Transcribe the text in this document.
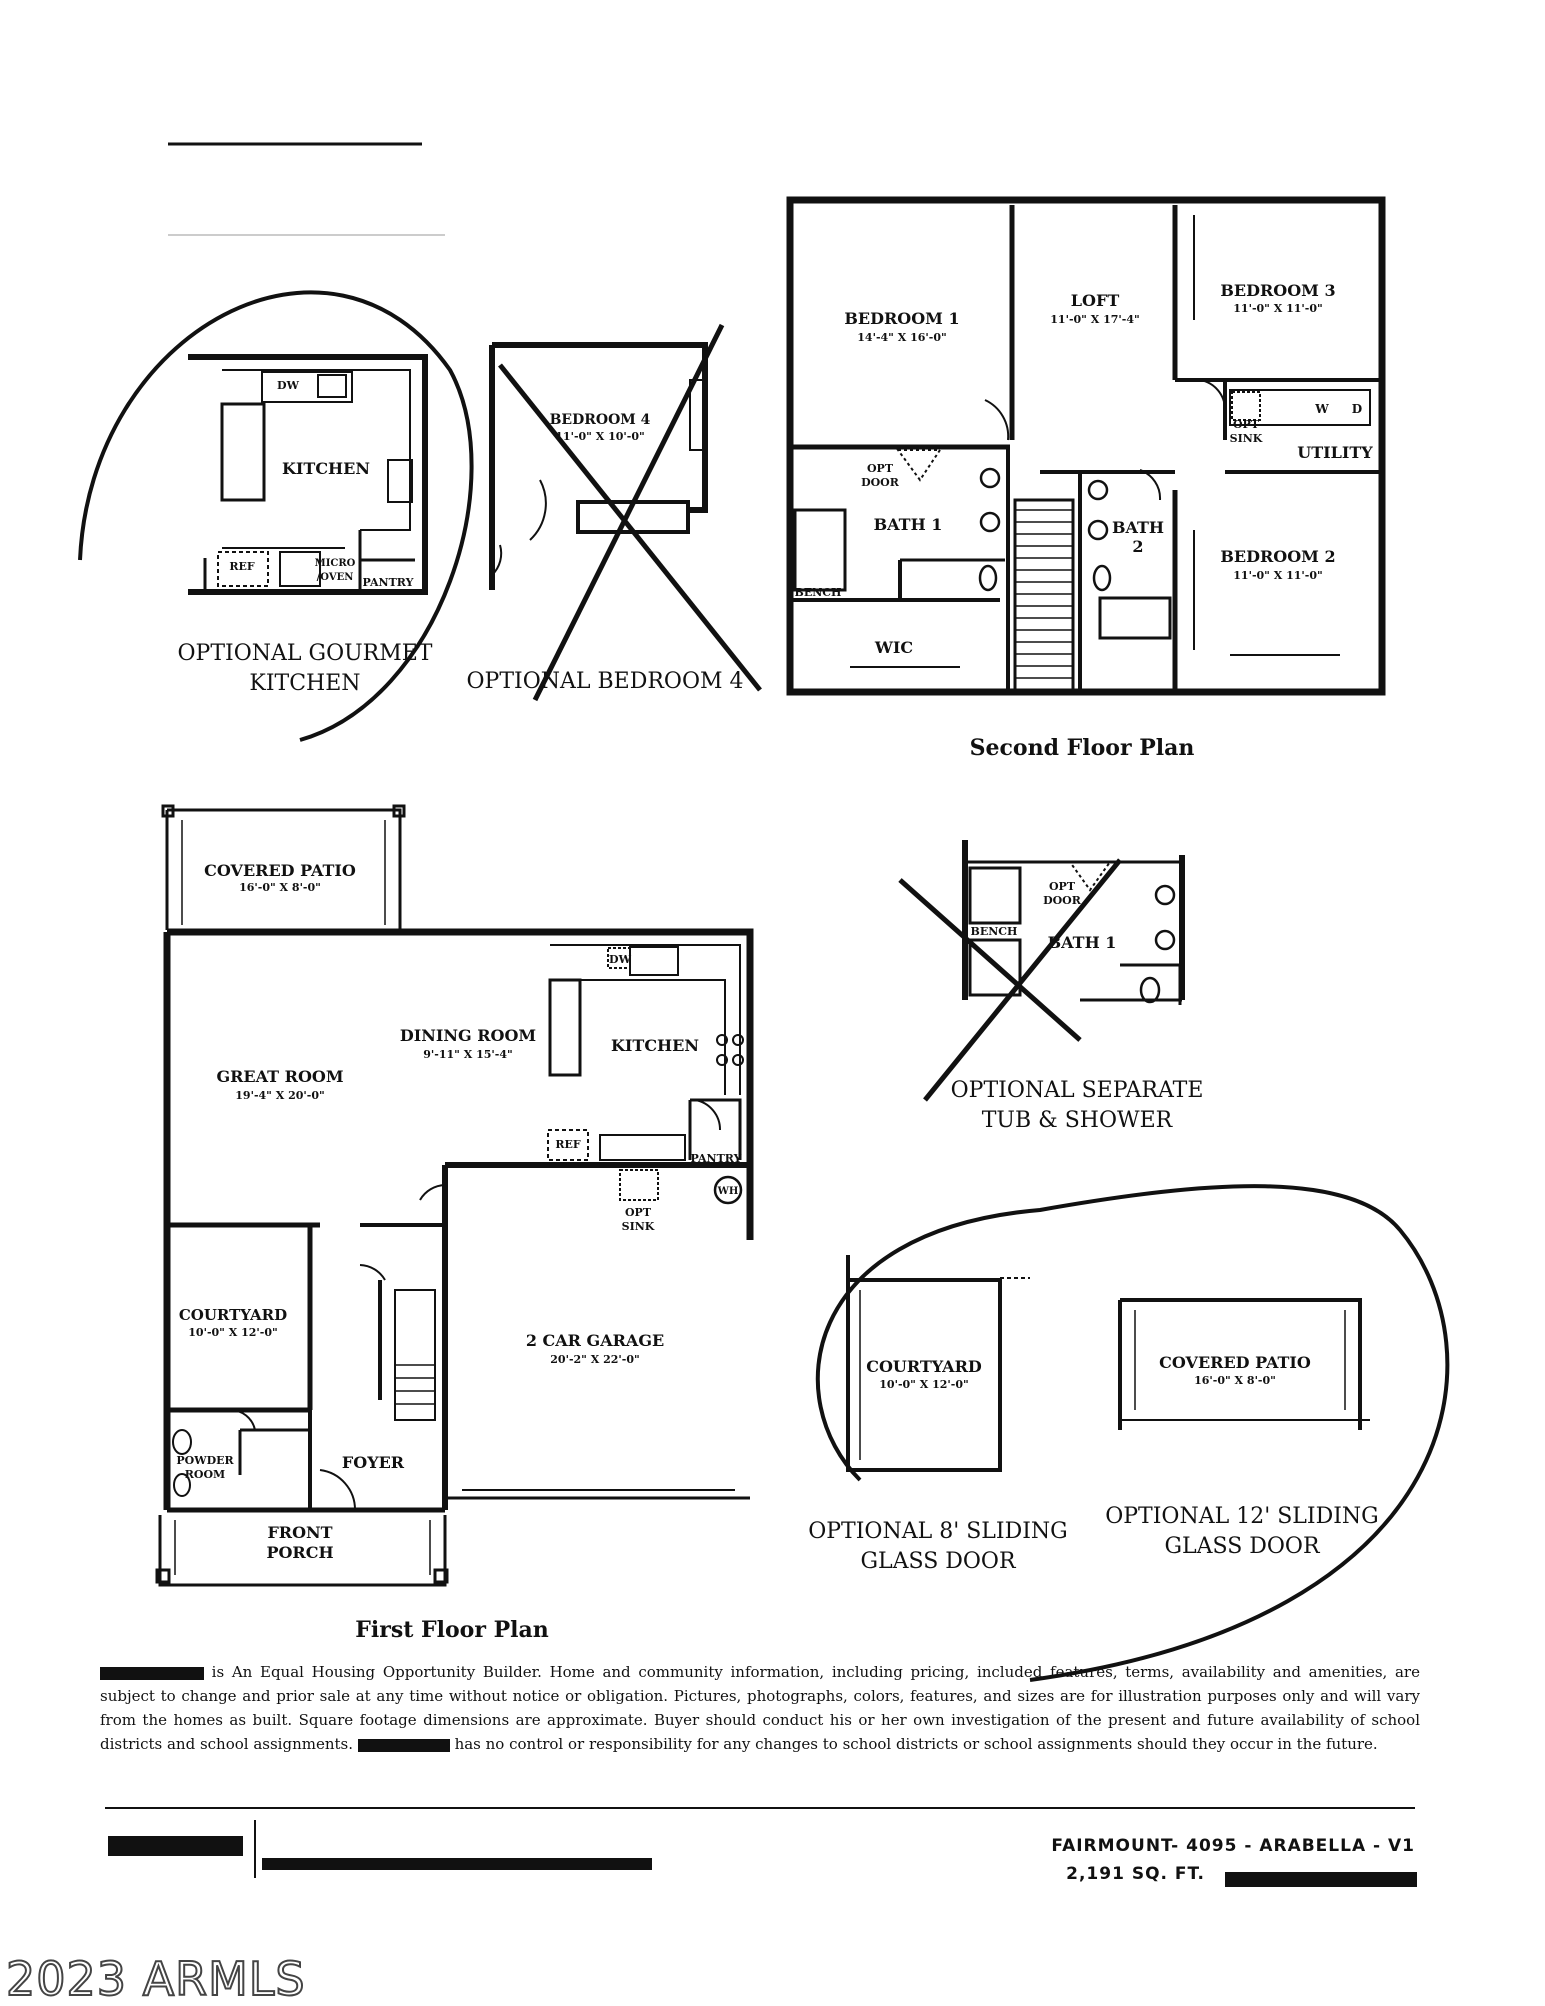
KITCHEN
DW
REF	MICRO
/OVEN PANTRY
OPTIONAL GOURMET
KITCHEN
BEDROOM 4
11'-0" X 10'-0"
OPTIONAL BEDROOM 4
BEDROOM 1
14'-4" X 16'-0"
LOFT
11'-0" X 17'-4"
BEDROOM 3
11'-0" X 11'-0"
BEDROOM 2
11'-0" X 11'-0"
BATH 1	BATH
2
WIC
UTILITY
BENCH
OPT
DOOR
OPT
SINK
W D
Second Floor Plan
COVERED PATIO
16'-0" X 8'-0"
GREAT ROOM
19'-4" X 20'-0"
DINING ROOM
9'-11" X 15'-4"	KITCHEN
DW
REF
PANTRY
WH
OPT
SINK
COURTYARD
10'-0" X 12'-0"	2 CAR GARAGE
20'-2" X 22'-0"
POWDER
ROOM
FOYER
FRONT
PORCH
First Floor Plan
OPT
DOOR
BENCH
BATH 1
OPTIONAL SEPARATE
TUB & SHOWER
COURTYARD
10'-0" X 12'-0"
COVERED PATIO
16'-0" X 8'-0"
OPTIONAL 8' SLIDING
GLASS DOOR
OPTIONAL 12' SLIDING
GLASS DOOR
is An Equal Housing Opportunity Builder. Home and community information, including pricing, included features, terms, availability and amenities, are subject to change and prior sale at any time without notice or obligation. Pictures, photographs, colors, features, and sizes are for illustration purposes only and will vary from the homes as built. Square footage dimensions are approximate. Buyer should conduct his or her own investigation of the present and future availability of school districts and school assignments.	has no control or responsibility for any changes to school districts or school assignments should they occur in the future.
FAIRMOUNT- 4095 - ARABELLA - V1
2,191 SQ. FT.
2023 ARMLS
